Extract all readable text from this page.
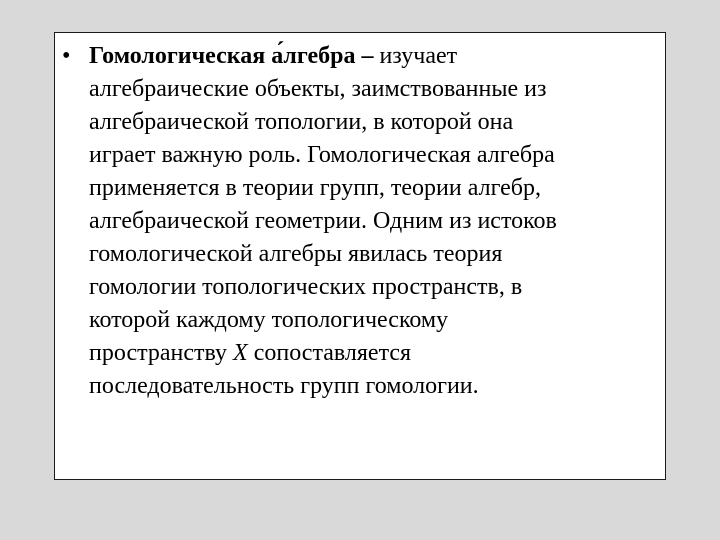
• Гомологическая а́лгебра – изучает
алгебраические объекты, заимствованные из
алгебраической топологии, в которой она
играет важную роль. Гомологическая алгебра
применяется в теории групп, теории алгебр,
алгебраической геометрии. Одним из истоков
гомологической алгебры явилась теория
гомологии топологических пространств, в
которой каждому топологическому
пространству X сопоставляется
последовательность групп гомологии.
